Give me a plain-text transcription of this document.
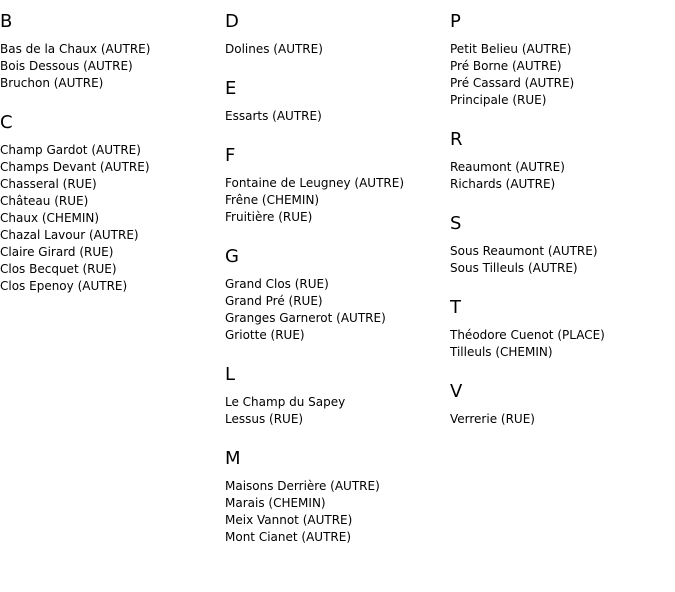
B
Bas de la Chaux (AUTRE)
Bois Dessous (AUTRE)
Bruchon (AUTRE)
C
Champ Gardot (AUTRE)
Champs Devant (AUTRE)
Chasseral (RUE)
Château (RUE)
Chaux (CHEMIN)
Chazal Lavour (AUTRE)
Claire Girard (RUE)
Clos Becquet (RUE)
Clos Epenoy (AUTRE)
D
Dolines (AUTRE)
E
Essarts (AUTRE)
F
Fontaine de Leugney (AUTRE)
Frêne (CHEMIN)
Fruitière (RUE)
G
Grand Clos (RUE)
Grand Pré (RUE)
Granges Garnerot (AUTRE)
Griotte (RUE)
L
Le Champ du Sapey
Lessus (RUE)
M
Maisons Derrière (AUTRE)
Marais (CHEMIN)
Meix Vannot (AUTRE)
Mont Cianet (AUTRE)
P
Petit Belieu (AUTRE)
Pré Borne (AUTRE)
Pré Cassard (AUTRE)
Principale (RUE)
R
Reaumont (AUTRE)
Richards (AUTRE)
S
Sous Reaumont (AUTRE)
Sous Tilleuls (AUTRE)
T
Théodore Cuenot (PLACE)
Tilleuls (CHEMIN)
V
Verrerie (RUE)
